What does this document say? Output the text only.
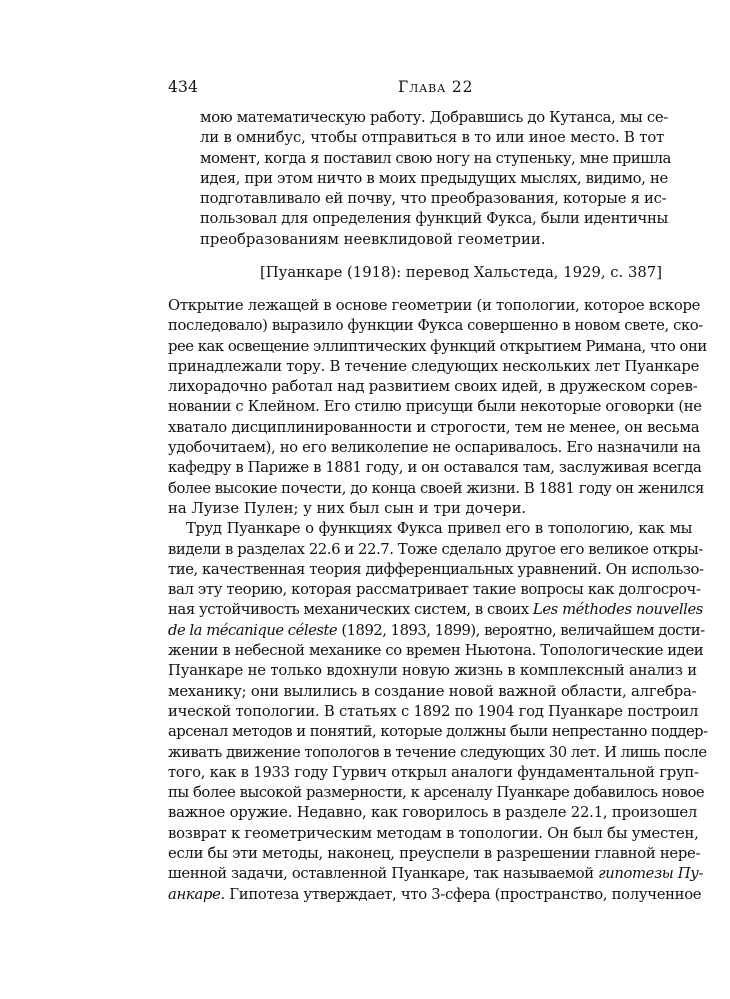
434	Глава 22
мою математическую работу. Добравшись до Кутанса, мы се-
ли в омнибус, чтобы отправиться в то или иное место. В тот
момент, когда я поставил свою ногу на ступеньку, мне пришла
идея, при этом ничто в моих предыдущих мыслях, видимо, не
подготавливало ей почву, что преобразования, которые я ис-
пользовал для определения функций Фукса, были идентичны
преобразованиям неевклидовой геометрии.
[Пуанкаре (1918): перевод Хальстеда, 1929, с. 387]
Открытие лежащей в основе геометрии (и топологии, которое вскоре
последовало) выразило функции Фукса совершенно в новом свете, ско-
рее как освещение эллиптических функций открытием Римана, что они
принадлежали тору. В течение следующих нескольких лет Пуанкаре
лихорадочно работал над развитием своих идей, в дружеском сорев-
новании с Клейном. Его стилю присущи были некоторые оговорки (не
хватало дисциплинированности и строгости, тем не менее, он весьма
удобочитаем), но его великолепие не оспаривалось. Его назначили на
кафедру в Париже в 1881 году, и он оставался там, заслуживая всегда
более высокие почести, до конца своей жизни. В 1881 году он женился
на Луизе Пулен; у них был сын и три дочери.
Труд Пуанкаре о функциях Фукса привел его в топологию, как мы
видели в разделах 22.6 и 22.7. Тоже сделало другое его великое откры-
тие, качественная теория дифференциальных уравнений. Он использо-
вал эту теорию, которая рассматривает такие вопросы как долгосроч-
ная устойчивость механических систем, в своих Les méthodes nouvelles
de la mécanique céleste (1892, 1893, 1899), вероятно, величайшем дости-
жении в небесной механике со времен Ньютона. Топологические идеи
Пуанкаре не только вдохнули новую жизнь в комплексный анализ и
механику; они вылились в создание новой важной области, алгебра-
ической топологии. В статьях с 1892 по 1904 год Пуанкаре построил
арсенал методов и понятий, которые должны были непрестанно поддер-
живать движение топологов в течение следующих 30 лет. И лишь после
того, как в 1933 году Гурвич открыл аналоги фундаментальной груп-
пы более высокой размерности, к арсеналу Пуанкаре добавилось новое
важное оружие. Недавно, как говорилось в разделе 22.1, произошел
возврат к геометрическим методам в топологии. Он был бы уместен,
если бы эти методы, наконец, преуспели в разрешении главной нере-
шенной задачи, оставленной Пуанкаре, так называемой гипотезы Пу-
анкаре. Гипотеза утверждает, что 3-сфера (пространство, полученное
